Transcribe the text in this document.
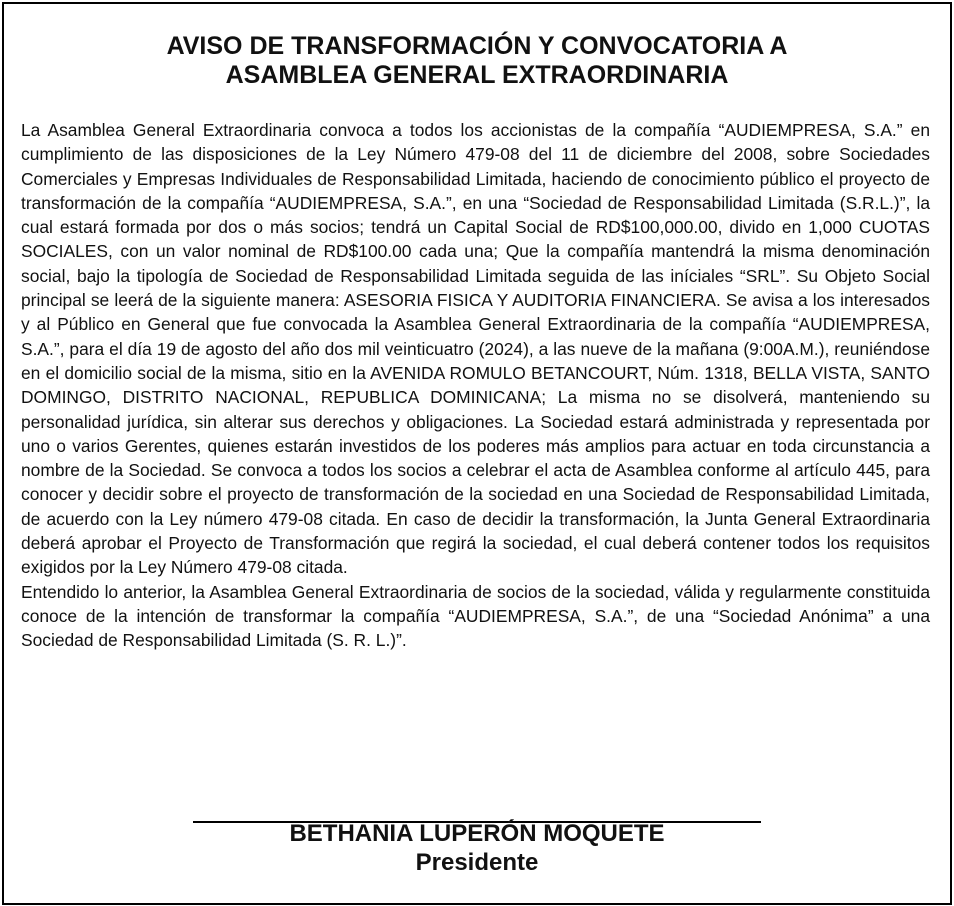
AVISO DE TRANSFORMACIÓN Y CONVOCATORIA A
ASAMBLEA GENERAL EXTRAORDINARIA

La Asamblea General Extraordinaria convoca a todos los accionistas de la compañía “AUDIEMPRESA, S.A.” en cumplimiento de las disposiciones de la Ley Número 479-08 del 11 de diciembre del 2008, sobre Sociedades Comerciales y Empresas Individuales de Responsabilidad Limitada, haciendo de conocimiento público el proyecto de transformación de la compañía “AUDIEMPRESA, S.A.”, en una “Sociedad de Responsabilidad Limitada (S.R.L.)”, la cual estará formada por dos o más socios; tendrá un Capital Social de RD$100,000.00, divido en 1,000 CUOTAS SOCIALES, con un valor nominal de RD$100.00 cada una; Que la compañía mantendrá la misma denominación social, bajo la tipología de Sociedad de Responsabilidad Limitada seguida de las iníciales “SRL”. Su Objeto Social principal se leerá de la siguiente manera: ASESORIA FISICA Y AUDITORIA FINANCIERA. Se avisa a los interesados y al Público en General que fue convocada la Asamblea General Extraordinaria de la compañía “AUDIEMPRESA, S.A.”, para el día 19 de agosto del año dos mil veinticuatro (2024), a las nueve de la mañana (9:00A.M.), reuniéndose en el domicilio social de la misma, sitio en la AVENIDA ROMULO BETANCOURT, Núm. 1318, BELLA VISTA, SANTO DOMINGO, DISTRITO NACIONAL, REPUBLICA DOMINICANA; La misma no se disolverá, manteniendo su personalidad jurídica, sin alterar sus derechos y obligaciones. La Sociedad estará administrada y representada por uno o varios Gerentes, quienes estarán investidos de los poderes más amplios para actuar en toda circunstancia a nombre de la Sociedad. Se convoca a todos los socios a celebrar el acta de Asamblea conforme al artículo 445, para conocer y decidir sobre el proyecto de transformación de la sociedad en una Sociedad de Responsabilidad Limitada, de acuerdo con la Ley número 479-08 citada. En caso de decidir la transformación, la Junta General Extraordinaria deberá aprobar el Proyecto de Transformación que regirá la sociedad, el cual deberá contener todos los requisitos exigidos por la Ley Número 479-08 citada.

Entendido lo anterior, la Asamblea General Extraordinaria de socios de la sociedad, válida y regularmente constituida conoce de la intención de transformar la compañía “AUDIEMPRESA, S.A.”, de una “Sociedad Anónima” a una Sociedad de Responsabilidad Limitada (S. R. L.)”.

BETHANIA LUPERÓN MOQUETE
Presidente
